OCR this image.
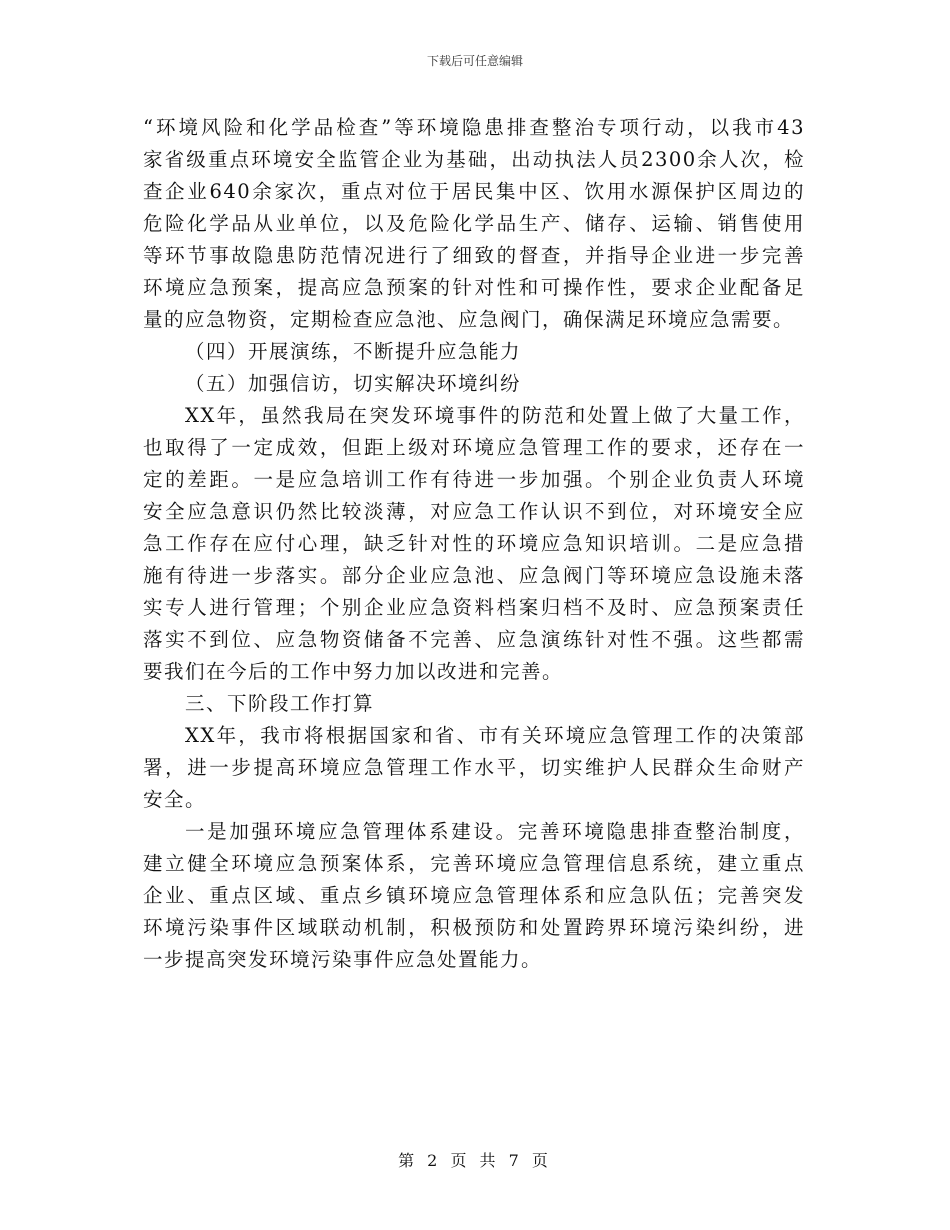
下载后可任意编辑
“环境风险和化学品检查”等环境隐患排查整治专项行动，以我市43
家省级重点环境安全监管企业为基础，出动执法人员2300余人次，检
查企业640余家次，重点对位于居民集中区、饮用水源保护区周边的
危险化学品从业单位，以及危险化学品生产、储存、运输、销售使用
等环节事故隐患防范情况进行了细致的督查，并指导企业进一步完善
环境应急预案，提高应急预案的针对性和可操作性，要求企业配备足
量的应急物资，定期检查应急池、应急阀门，确保满足环境应急需要。
（四）开展演练，不断提升应急能力
（五）加强信访，切实解决环境纠纷
XX年，虽然我局在突发环境事件的防范和处置上做了大量工作，
也取得了一定成效，但距上级对环境应急管理工作的要求，还存在一
定的差距。一是应急培训工作有待进一步加强。个别企业负责人环境
安全应急意识仍然比较淡薄，对应急工作认识不到位，对环境安全应
急工作存在应付心理，缺乏针对性的环境应急知识培训。二是应急措
施有待进一步落实。部分企业应急池、应急阀门等环境应急设施未落
实专人进行管理；个别企业应急资料档案归档不及时、应急预案责任
落实不到位、应急物资储备不完善、应急演练针对性不强。这些都需
要我们在今后的工作中努力加以改进和完善。
三、下阶段工作打算
XX年，我市将根据国家和省、市有关环境应急管理工作的决策部
署，进一步提高环境应急管理工作水平，切实维护人民群众生命财产
安全。
一是加强环境应急管理体系建设。完善环境隐患排查整治制度，
建立健全环境应急预案体系，完善环境应急管理信息系统，建立重点
企业、重点区域、重点乡镇环境应急管理体系和应急队伍；完善突发
环境污染事件区域联动机制，积极预防和处置跨界环境污染纠纷，进
一步提高突发环境污染事件应急处置能力。
第 2 页 共 7 页
